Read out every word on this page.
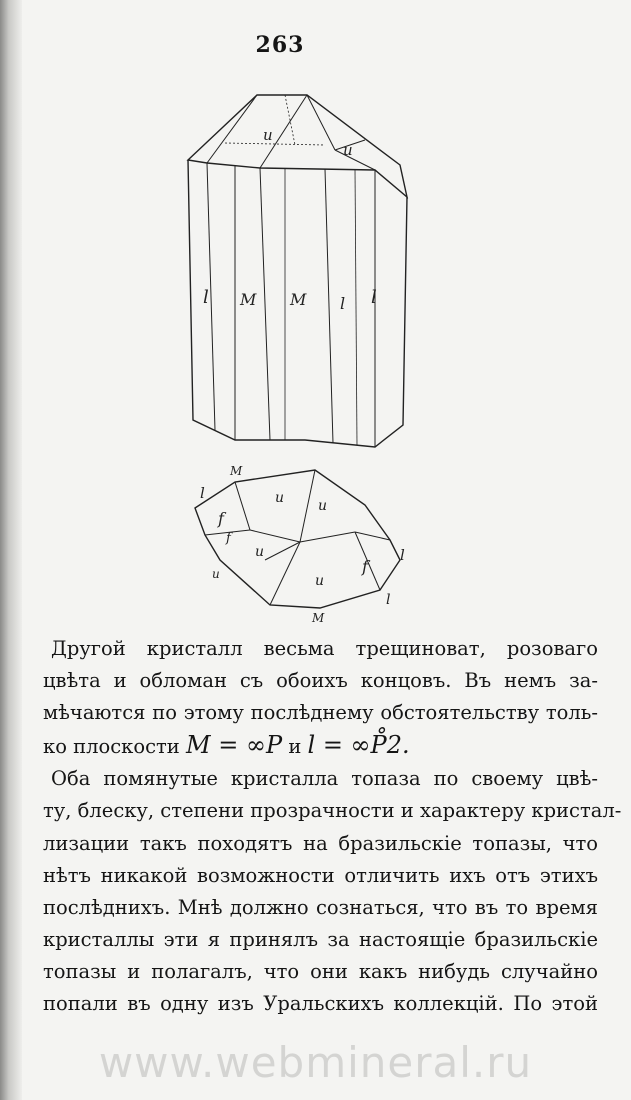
263
u
u
l	l
M M l
M
l	u
f
u
u
f
u
l
u
f
M
l
Другой кристалл весьма трещиноват, розоваго
цвѣта и обломан съ обоихъ концовъ. Въ немъ за-
мѣчаются по этому послѣднему обстоятельству толь-
ко плоскости M = ∞P и l = ∞P̊2.
Оба помянутые кристалла топаза по своему цвѣ-
ту, блеску, степени прозрачности и характеру кристал-
лизации такъ походятъ на бразильскiе топазы, что
нѣтъ никакой возможности отличить ихъ отъ этихъ
послѣднихъ. Мнѣ должно сознаться, что въ то время
кристаллы эти я принялъ за настоящiе бразильскiе
топазы и полагалъ, что они какъ нибудь случайно
попали въ одну изъ Уральскихъ коллекцiй. По этой
www.webmineral.ru
